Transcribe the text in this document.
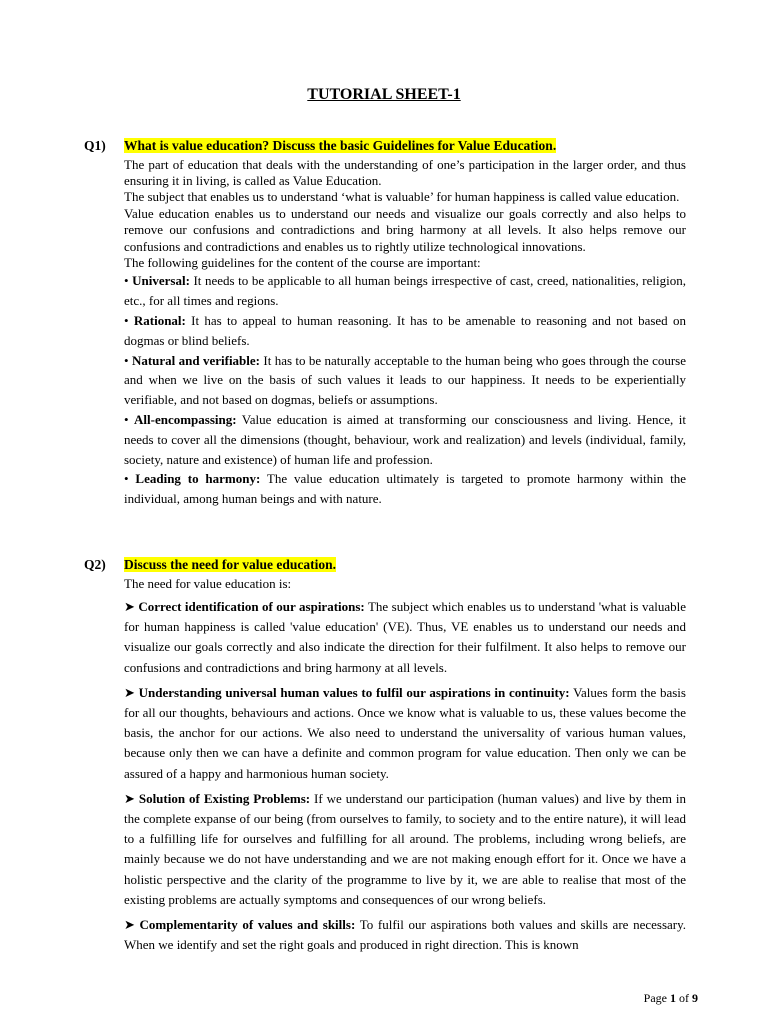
TUTORIAL SHEET-1
Q1) What is value education? Discuss the basic Guidelines for Value Education.

The part of education that deals with the understanding of one’s participation in the larger order, and thus ensuring it in living, is called as Value Education.

The subject that enables us to understand ‘what is valuable’ for human happiness is called value education.

Value education enables us to understand our needs and visualize our goals correctly and also helps to remove our confusions and contradictions and bring harmony at all levels. It also helps remove our confusions and contradictions and enables us to rightly utilize technological innovations.

The following guidelines for the content of the course are important:

• Universal: It needs to be applicable to all human beings irrespective of cast, creed, nationalities, religion, etc., for all times and regions.

• Rational: It has to appeal to human reasoning. It has to be amenable to reasoning and not based on dogmas or blind beliefs.

• Natural and verifiable: It has to be naturally acceptable to the human being who goes through the course and when we live on the basis of such values it leads to our happiness. It needs to be experientially verifiable, and not based on dogmas, beliefs or assumptions.

• All-encompassing: Value education is aimed at transforming our consciousness and living. Hence, it needs to cover all the dimensions (thought, behaviour, work and realization) and levels (individual, family, society, nature and existence) of human life and profession.

• Leading to harmony: The value education ultimately is targeted to promote harmony within the individual, among human beings and with nature.

Q2) Discuss the need for value education.

The need for value education is:

➤ Correct identification of our aspirations: The subject which enables us to understand 'what is valuable for human happiness is called 'value education' (VE). Thus, VE enables us to understand our needs and visualize our goals correctly and also indicate the direction for their fulfilment. It also helps to remove our confusions and contradictions and bring harmony at all levels.

➤ Understanding universal human values to fulfil our aspirations in continuity: Values form the basis for all our thoughts, behaviours and actions. Once we know what is valuable to us, these values become the basis, the anchor for our actions. We also need to understand the universality of various human values, because only then we can have a definite and common program for value education. Then only we can be assured of a happy and harmonious human society.

➤ Solution of Existing Problems: If we understand our participation (human values) and live by them in the complete expanse of our being (from ourselves to family, to society and to the entire nature), it will lead to a fulfilling life for ourselves and fulfilling for all around. The problems, including wrong beliefs, are mainly because we do not have understanding and we are not making enough effort for it. Once we have a holistic perspective and the clarity of the programme to live by it, we are able to realise that most of the existing problems are actually symptoms and consequences of our wrong beliefs.

➤ Complementarity of values and skills: To fulfil our aspirations both values and skills are necessary. When we identify and set the right goals and produced in right direction. This is known

Page 1 of 9
